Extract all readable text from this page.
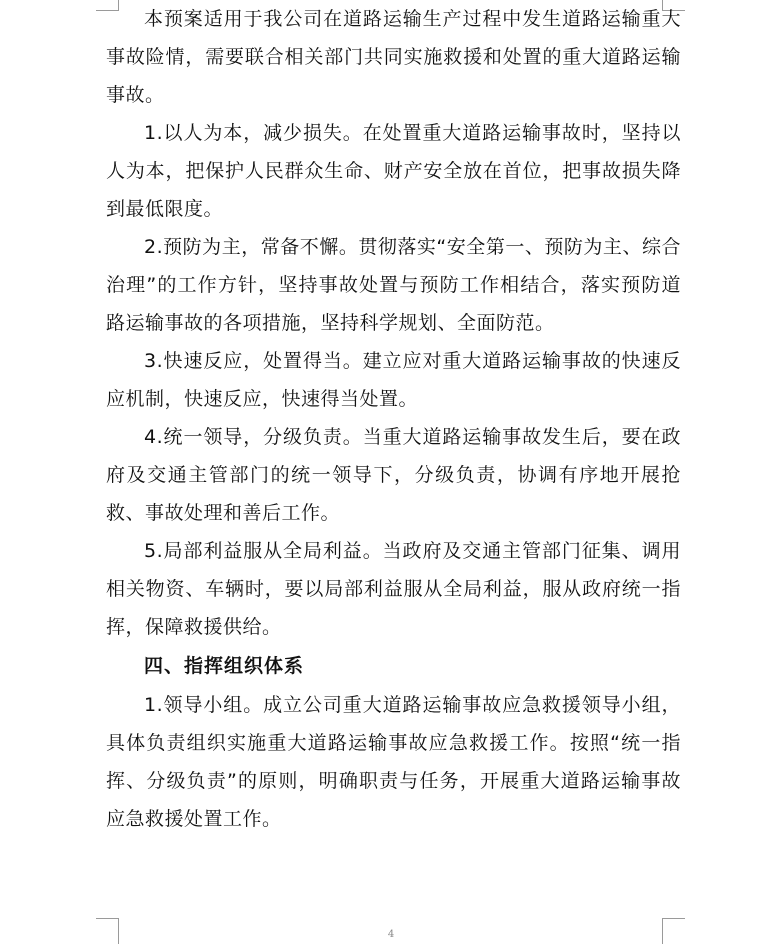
本预案适用于我公司在道路运输生产过程中发生道路运输重大事故险情，需要联合相关部门共同实施救援和处置的重大道路运输事故。

1.以人为本，减少损失。在处置重大道路运输事故时，坚持以人为本，把保护人民群众生命、财产安全放在首位，把事故损失降到最低限度。

2.预防为主，常备不懈。贯彻落实“安全第一、预防为主、综合治理”的工作方针，坚持事故处置与预防工作相结合，落实预防道路运输事故的各项措施，坚持科学规划、全面防范。

3.快速反应，处置得当。建立应对重大道路运输事故的快速反应机制，快速反应，快速得当处置。

4.统一领导，分级负责。当重大道路运输事故发生后，要在政府及交通主管部门的统一领导下，分级负责，协调有序地开展抢救、事故处理和善后工作。

5.局部利益服从全局利益。当政府及交通主管部门征集、调用相关物资、车辆时，要以局部利益服从全局利益，服从政府统一指挥，保障救援供给。

四、指挥组织体系

1.领导小组。成立公司重大道路运输事故应急救援领导小组，具体负责组织实施重大道路运输事故应急救援工作。按照“统一指挥、分级负责”的原则，明确职责与任务，开展重大道路运输事故应急救援处置工作。

4
